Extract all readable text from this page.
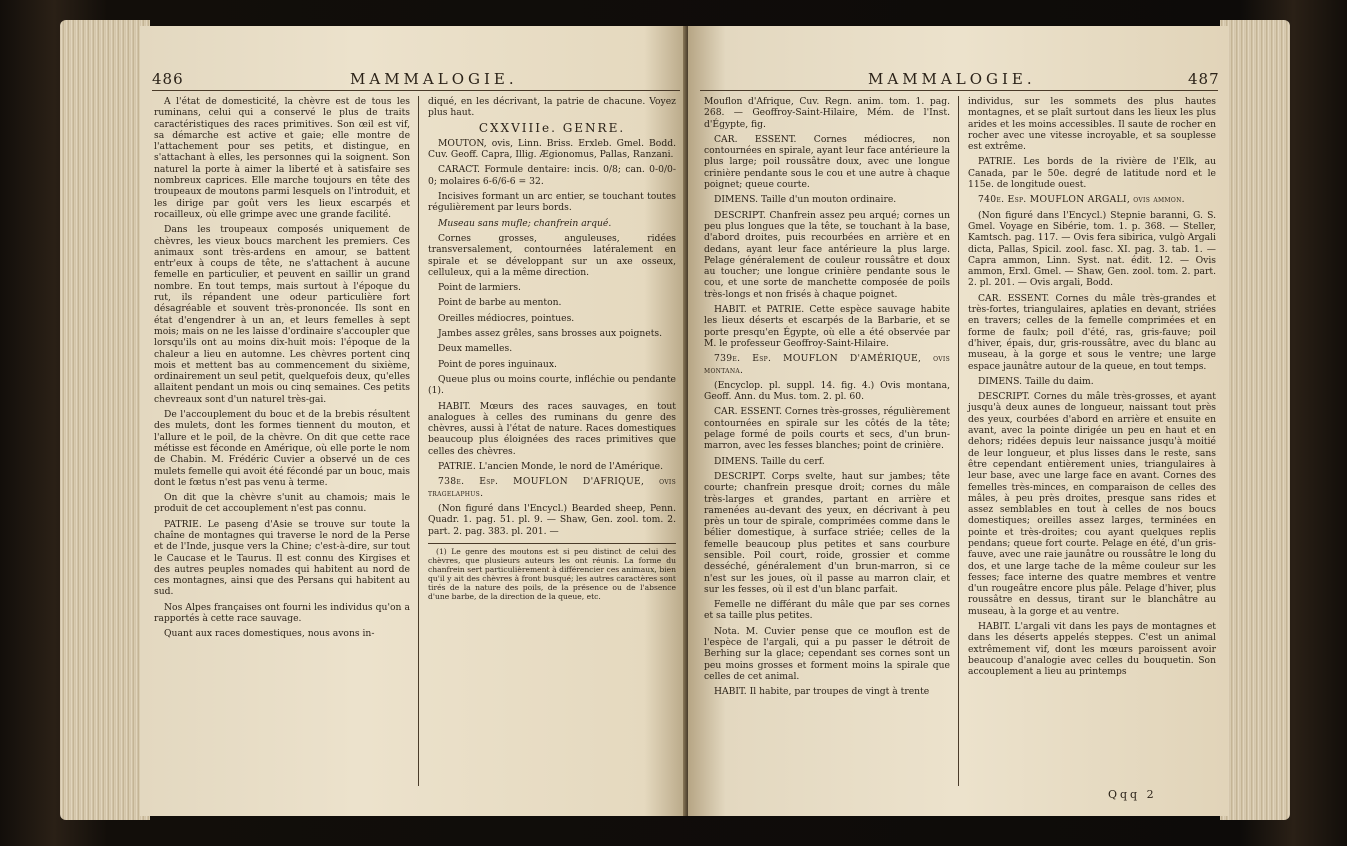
486	MAMMALOGIE.

A l'état de domesticité, la chèvre est de tous les ruminans, celui qui a conservé le plus de traits caractéristiques des races primitives. Son œil est vif, sa démarche est active et gaie; elle montre de l'attachement pour ses petits, et distingue, en s'attachant à elles, les personnes qui la soignent. Son naturel la porte à aimer la liberté et à satisfaire ses nombreux caprices. Elle marche toujours en tête des troupeaux de moutons parmi lesquels on l'introduit, et les dirige par goût vers les lieux escarpés et rocailleux, où elle grimpe avec une grande facilité.

Dans les troupeaux composés uniquement de chèvres, les vieux boucs marchent les premiers. Ces animaux sont très-ardens en amour, se battent entr'eux à coups de tête, ne s'attachent à aucune femelle en particulier, et peuvent en saillir un grand nombre. En tout temps, mais surtout à l'époque du rut, ils répandent une odeur particulière fort désagréable et souvent très-prononcée. Ils sont en état d'engendrer à un an, et leurs femelles à sept mois; mais on ne les laisse d'ordinaire s'accoupler que lorsqu'ils ont au moins dix-huit mois: l'époque de la chaleur a lieu en automne. Les chèvres portent cinq mois et mettent bas au commencement du sixième, ordinairement un seul petit, quelquefois deux, qu'elles allaitent pendant un mois ou cinq semaines. Ces petits chevreaux sont d'un naturel très-gai.

De l'accouplement du bouc et de la brebis résultent des mulets, dont les formes tiennent du mouton, et l'allure et le poil, de la chèvre. On dit que cette race métisse est féconde en Amérique, où elle porte le nom de Chabin. M. Frédéric Cuvier a observé un de ces mulets femelle qui avoit été fécondé par un bouc, mais dont le fœtus n'est pas venu à terme.

On dit que la chèvre s'unit au chamois; mais le produit de cet accouplement n'est pas connu.

PATRIE. Le paseng d'Asie se trouve sur toute la chaîne de montagnes qui traverse le nord de la Perse et de l'Inde, jusque vers la Chine; c'est-à-dire, sur tout le Caucase et le Taurus. Il est connu des Kirgises et des autres peuples nomades qui habitent au nord de ces montagnes, ainsi que des Persans qui habitent au sud.

Nos Alpes françaises ont fourni les individus qu'on a rapportés à cette race sauvage.

Quant aux races domestiques, nous avons in-

diqué, en les décrivant, la patrie de chacune. Voyez plus haut.

CXXVIIIe. GENRE.

MOUTON, ovis, Linn. Briss. Erxleb. Gmel. Bodd. Cuv. Geoff. Capra, Illig. Ægionomus, Pallas, Ranzani.

CARACT. Formule dentaire: incis. 0/8; can. 0-0/0-0; molaires 6-6/6-6 = 32.

Incisives formant un arc entier, se touchant toutes régulièrement par leurs bords.

Museau sans mufle; chanfrein arqué.

Cornes grosses, anguleuses, ridées transversalement, contournées latéralement en spirale et se développant sur un axe osseux, celluleux, qui a la même direction.

Point de larmiers.

Point de barbe au menton.

Oreilles médiocres, pointues.

Jambes assez grêles, sans brosses aux poignets.

Deux mamelles.

Point de pores inguinaux.

Queue plus ou moins courte, infléchie ou pendante (1).

HABIT. Mœurs des races sauvages, en tout analogues à celles des ruminans du genre des chèvres, aussi à l'état de nature. Races domestiques beaucoup plus éloignées des races primitives que celles des chèvres.

PATRIE. L'ancien Monde, le nord de l'Amérique.

738e. Esp. MOUFLON D'AFRIQUE, ovis tragelaphus.

(Non figuré dans l'Encycl.) Bearded sheep, Penn. Quadr. 1. pag. 51. pl. 9. — Shaw, Gen. zool. tom. 2. part. 2. pag. 383. pl. 201. —

(1) Le genre des moutons est si peu distinct de celui des chèvres, que plusieurs auteurs les ont réunis. La forme du chanfrein sert particulièrement à différencier ces animaux, bien qu'il y ait des chèvres à front busqué; les autres caractères sont tirés de la nature des poils, de la présence ou de l'absence d'une barbe, de la direction de la queue, etc.

MAMMALOGIE.	487

Mouflon d'Afrique, Cuv. Regn. anim. tom. 1. pag. 268. — Geoffroy-Saint-Hilaire, Mém. de l'Inst. d'Égypte, fig.

CAR. ESSENT. Cornes médiocres, non contournées en spirale, ayant leur face antérieure la plus large; poil roussâtre doux, avec une longue crinière pendante sous le cou et une autre à chaque poignet; queue courte.

DIMENS. Taille d'un mouton ordinaire.

DESCRIPT. Chanfrein assez peu arqué; cornes un peu plus longues que la tête, se touchant à la base, d'abord droites, puis recourbées en arrière et en dedans, ayant leur face antérieure la plus large. Pelage généralement de couleur roussâtre et doux au toucher; une longue crinière pendante sous le cou, et une sorte de manchette composée de poils très-longs et non frisés à chaque poignet.

HABIT. et PATRIE. Cette espèce sauvage habite les lieux déserts et escarpés de la Barbarie, et se porte presqu'en Égypte, où elle a été observée par M. le professeur Geoffroy-Saint-Hilaire.

739e. Esp. MOUFLON D'AMÉRIQUE, ovis montana.

(Encyclop. pl. suppl. 14. fig. 4.) Ovis montana, Geoff. Ann. du Mus. tom. 2. pl. 60.

CAR. ESSENT. Cornes très-grosses, régulièrement contournées en spirale sur les côtés de la tête; pelage formé de poils courts et secs, d'un brun-marron, avec les fesses blanches; point de crinière.

DIMENS. Taille du cerf.

DESCRIPT. Corps svelte, haut sur jambes; tête courte; chanfrein presque droit; cornes du mâle très-larges et grandes, partant en arrière et ramenées au-devant des yeux, en décrivant à peu près un tour de spirale, comprimées comme dans le bélier domestique, à surface striée; celles de la femelle beaucoup plus petites et sans courbure sensible. Poil court, roide, grossier et comme desséché, généralement d'un brun-marron, si ce n'est sur les joues, où il passe au marron clair, et sur les fesses, où il est d'un blanc parfait.

Femelle ne différant du mâle que par ses cornes et sa taille plus petites.

Nota. M. Cuvier pense que ce mouflon est de l'espèce de l'argali, qui a pu passer le détroit de Berhing sur la glace; cependant ses cornes sont un peu moins grosses et forment moins la spirale que celles de cet animal.

HABIT. Il habite, par troupes de vingt à trente

individus, sur les sommets des plus hautes montagnes, et se plaît surtout dans les lieux les plus arides et les moins accessibles. Il saute de rocher en rocher avec une vitesse incroyable, et sa souplesse est extrême.

PATRIE. Les bords de la rivière de l'Elk, au Canada, par le 50e. degré de latitude nord et le 115e. de longitude ouest.

740e. Esp. MOUFLON ARGALI, ovis ammon.

(Non figuré dans l'Encycl.) Stepnie baranni, G. S. Gmel. Voyage en Sibérie, tom. 1. p. 368. — Steller, Kamtsch. pag. 117. — Ovis fera sibirica, vulgò Argali dicta, Pallas, Spicil. zool. fasc. XI. pag. 3. tab. 1. — Capra ammon, Linn. Syst. nat. édit. 12. — Ovis ammon, Erxl. Gmel. — Shaw, Gen. zool. tom. 2. part. 2. pl. 201. — Ovis argali, Bodd.

CAR. ESSENT. Cornes du mâle très-grandes et très-fortes, triangulaires, aplaties en devant, striées en travers; celles de la femelle comprimées et en forme de faulx; poil d'été, ras, gris-fauve; poil d'hiver, épais, dur, gris-roussâtre, avec du blanc au museau, à la gorge et sous le ventre; une large espace jaunâtre autour de la queue, en tout temps.

DIMENS. Taille du daim.

DESCRIPT. Cornes du mâle très-grosses, et ayant jusqu'à deux aunes de longueur, naissant tout près des yeux, courbées d'abord en arrière et ensuite en avant, avec la pointe dirigée un peu en haut et en dehors; ridées depuis leur naissance jusqu'à moitié de leur longueur, et plus lisses dans le reste, sans être cependant entièrement unies, triangulaires à leur base, avec une large face en avant. Cornes des femelles très-minces, en comparaison de celles des mâles, à peu près droites, presque sans rides et assez semblables en tout à celles de nos boucs domestiques; oreilles assez larges, terminées en pointe et très-droites; cou ayant quelques replis pendans; queue fort courte. Pelage en été, d'un gris-fauve, avec une raie jaunâtre ou roussâtre le long du dos, et une large tache de la même couleur sur les fesses; face interne des quatre membres et ventre d'un rougeâtre encore plus pâle. Pelage d'hiver, plus roussâtre en dessus, tirant sur le blanchâtre au museau, à la gorge et au ventre.

HABIT. L'argali vit dans les pays de montagnes et dans les déserts appelés steppes. C'est un animal extrêmement vif, dont les mœurs paroissent avoir beaucoup d'analogie avec celles du bouquetin. Son accouplement a lieu au printemps

Qqq 2
